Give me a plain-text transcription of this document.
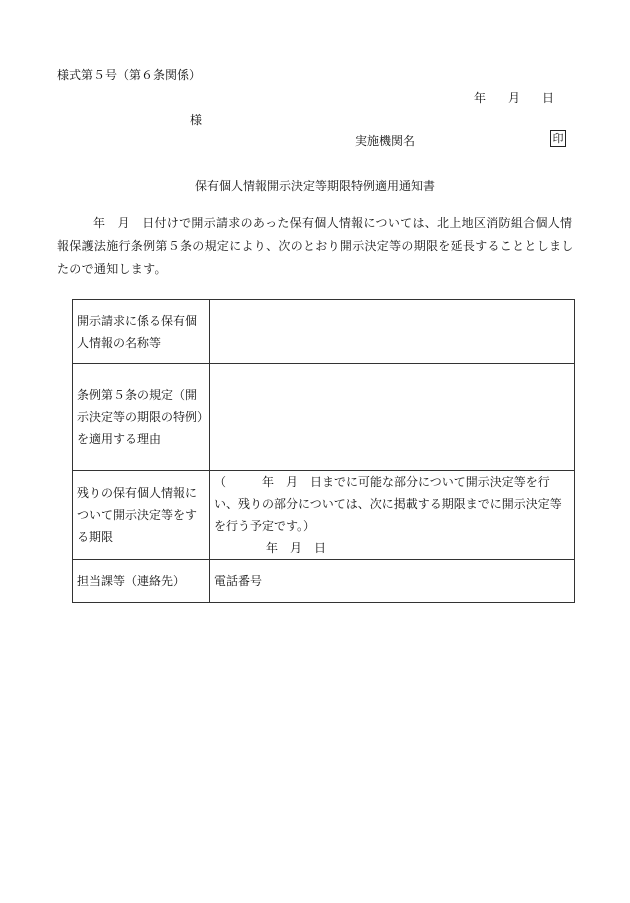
様式第５号（第６条関係）
年 月 日
様
実施機関名	印
保有個人情報開示決定等期限特例適用通知書
年　月　日付けで開示請求のあった保有個人情報については、北上地区消防組合個人情報保護法施行条例第５条の規定により、次のとおり開示決定等の期限を延長することとしましたので通知します。
開示請求に係る保有個人情報の名称等	
条例第５条の規定（開示決定等の期限の特例）を適用する理由	
残りの保有個人情報について開示決定等をする期限	（　　　年　月　日までに可能な部分について開示決定等を行い、残りの部分については、次に掲載する期限までに開示決定等を行う予定です。）
年　月　日

担当課等（連絡先）	電話番号
